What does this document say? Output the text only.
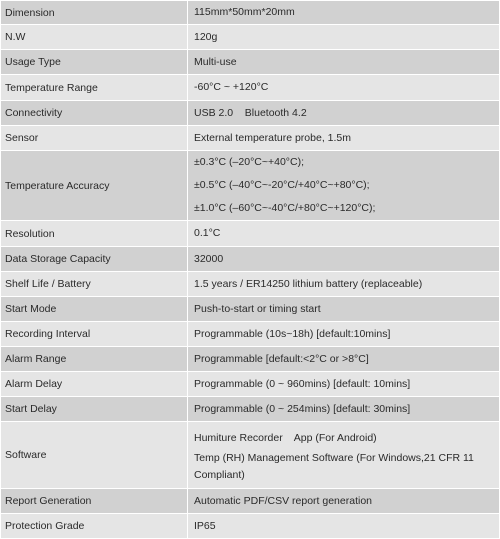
Dimension	115mm*50mm*20mm

N.W	120g

Usage Type	Multi-use

Temperature Range	-60°C ~ +120°C

Connectivity	USB 2.0    Bluetooth 4.2

Sensor	External temperature probe, 1.5m

Temperature Accuracy	±0.3°C (–20°C~+40°C);
±0.5°C (–40°C~-20°C/+40°C~+80°C);
±1.0°C (–60°C~-40°C/+80°C~+120°C);

Resolution	0.1°C

Data Storage Capacity	32000

Shelf Life / Battery	1.5 years / ER14250 lithium battery (replaceable)

Start Mode	Push-to-start or timing start

Recording Interval	Programmable (10s~18h) [default:10mins]

Alarm Range	Programmable [default:<2°C or >8°C]

Alarm Delay	Programmable (0 ~ 960mins) [default: 10mins]

Start Delay	Programmable (0 ~ 254mins) [default: 30mins]

Software	Humiture Recorder    App (For Android)
Temp (RH) Management Software (For Windows,21 CFR 11 Compliant)

Report Generation	Automatic PDF/CSV report generation

Protection Grade	IP65
